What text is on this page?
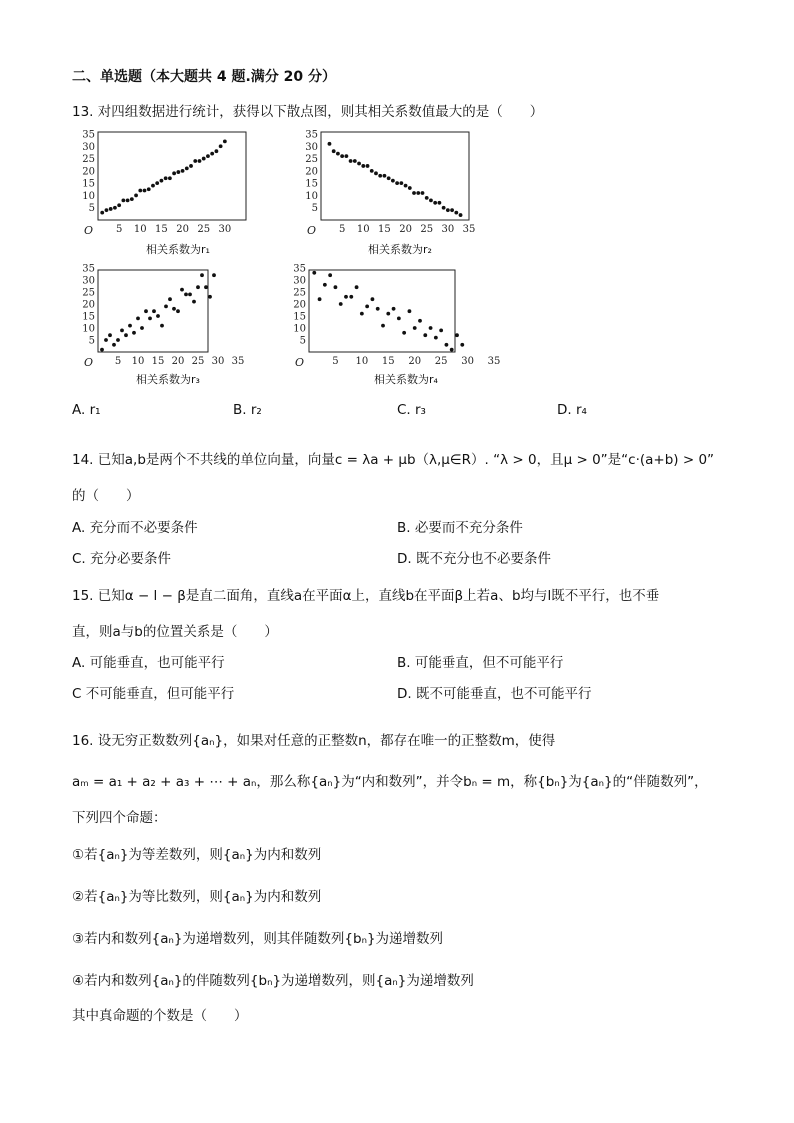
二、单选题（本大题共 4 题.满分 20 分）
13. 对四组数据进行统计，获得以下散点图，则其相关系数值最大的是（　　）
5
10
15
20
25
30
35
5 10 15 20 25 30
O
相关系数为r₁
5
10
15
20
25
30
35
5 10 15 20 25 30 35
O
相关系数为r₂
5
10
15
20
25
30
35
5 10 15 20 25 30 35
O
相关系数为r₃
5
10
15
20
25
30
35
5 10 15 20 25 30 35
O
相关系数为r₄
A. r₁	B. r₂	C. r₃	D. r₄
14. 已知a,b是两个不共线的单位向量，向量c = λa + μb（λ,μ∈R）. “λ > 0，且μ > 0”是“c·(a+b) > 0”
的（　　）
A. 充分而不必要条件	B. 必要而不充分条件
C. 充分必要条件	D. 既不充分也不必要条件
15. 已知α − l − β是直二面角，直线a在平面α上，直线b在平面β上若a、b均与l既不平行，也不垂
直，则a与b的位置关系是（　　）
A. 可能垂直，也可能平行	B. 可能垂直，但不可能平行
C 不可能垂直，但可能平行	D. 既不可能垂直，也不可能平行
16. 设无穷正数数列{aₙ}，如果对任意的正整数n，都存在唯一的正整数m，使得
aₘ = a₁ + a₂ + a₃ + ⋯ + aₙ，那么称{aₙ}为“内和数列”，并令bₙ = m，称{bₙ}为{aₙ}的“伴随数列”，
下列四个命题：
①若{aₙ}为等差数列，则{aₙ}为内和数列
②若{aₙ}为等比数列，则{aₙ}为内和数列
③若内和数列{aₙ}为递增数列，则其伴随数列{bₙ}为递增数列
④若内和数列{aₙ}的伴随数列{bₙ}为递增数列，则{aₙ}为递增数列
其中真命题的个数是（　　）
